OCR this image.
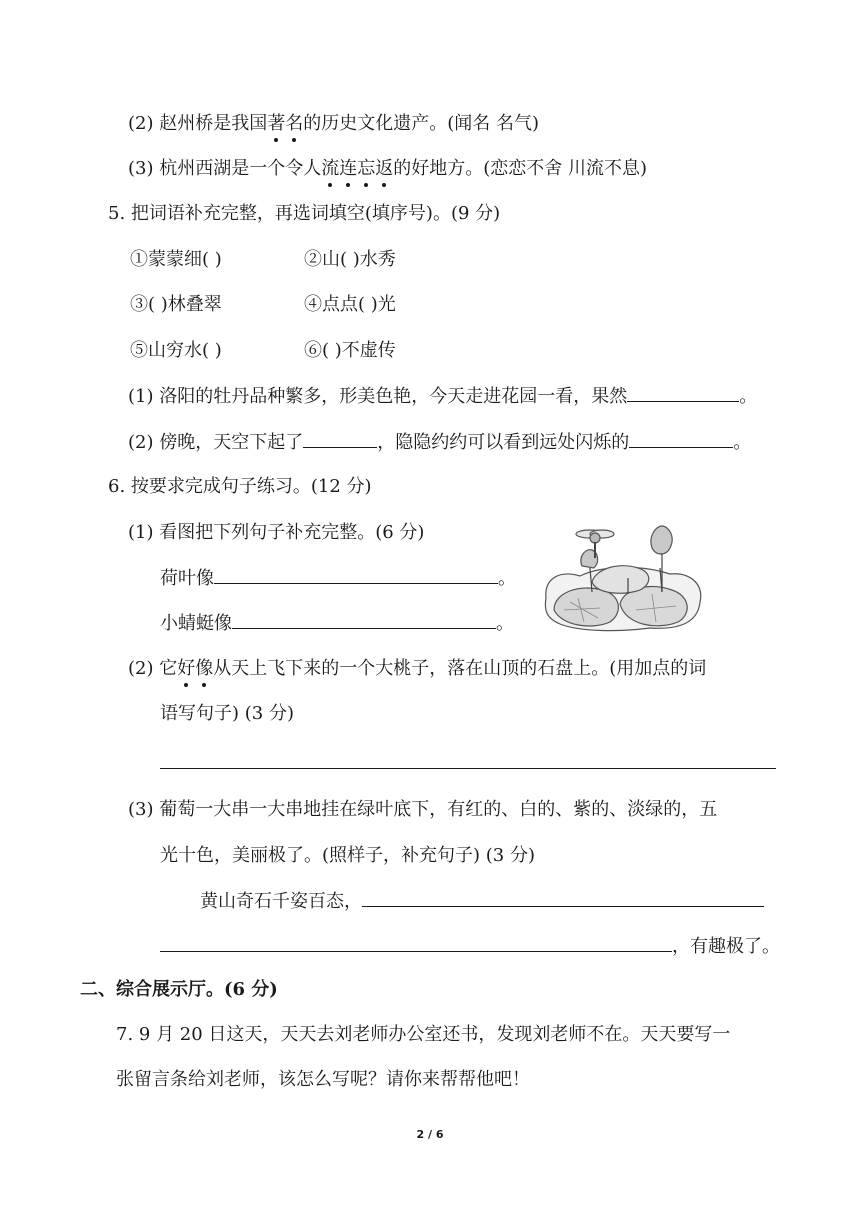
(2) 赵州桥是我国著名的历史文化遗产。(闻名 名气)
(3) 杭州西湖是一个令人流连忘返的好地方。(恋恋不舍 川流不息)
5. 把词语补充完整，再选词填空(填序号)。(9 分)
①蒙蒙细( )	②山( )水秀
③( )林叠翠	④点点( )光
⑤山穷水( )	⑥( )不虚传
(1) 洛阳的牡丹品种繁多，形美色艳，今天走进花园一看，果然	。
(2) 傍晚，天空下起了	，隐隐约约可以看到远处闪烁的	。
6. 按要求完成句子练习。(12 分)
(1) 看图把下列句子补充完整。(6 分)
荷叶像	。
小蜻蜓像	。
(2) 它好像从天上飞下来的一个大桃子，落在山顶的石盘上。(用加点的词
语写句子) (3 分)
(3) 葡萄一大串一大串地挂在绿叶底下，有红的、白的、紫的、淡绿的，五
光十色，美丽极了。(照样子，补充句子) (3 分)
黄山奇石千姿百态，
，有趣极了。
二、综合展示厅。(6 分)
7. 9 月 20 日这天，天天去刘老师办公室还书，发现刘老师不在。天天要写一
张留言条给刘老师，该怎么写呢？请你来帮帮他吧！
2 / 6
